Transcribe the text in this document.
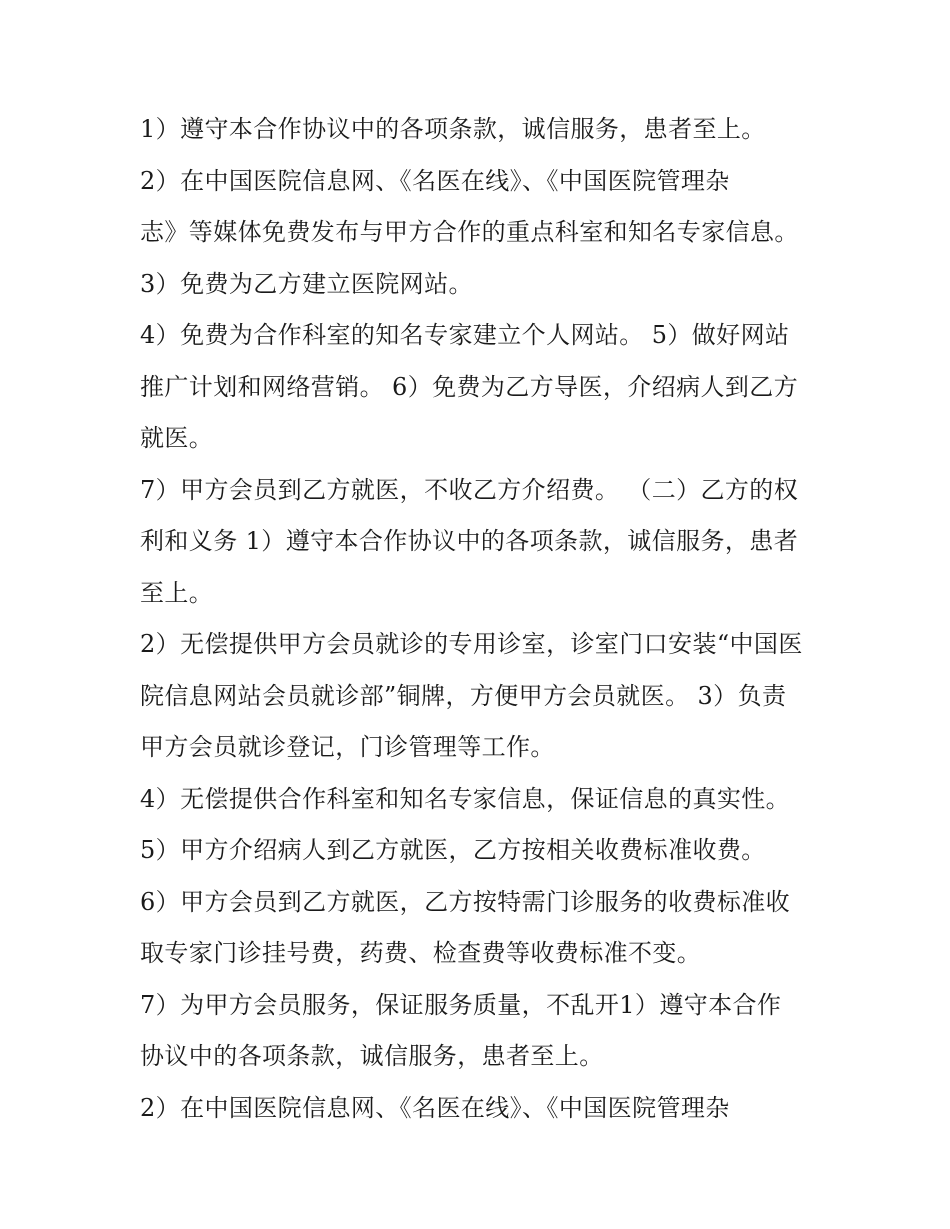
1）遵守本合作协议中的各项条款，诚信服务，患者至上。
2）在中国医院信息网、《名医在线》、《中国医院管理杂
志》等媒体免费发布与甲方合作的重点科室和知名专家信息。
3）免费为乙方建立医院网站。
4）免费为合作科室的知名专家建立个人网站。 5）做好网站
推广计划和网络营销。 6）免费为乙方导医，介绍病人到乙方
就医。
7）甲方会员到乙方就医，不收乙方介绍费。 （二）乙方的权
利和义务 1）遵守本合作协议中的各项条款，诚信服务，患者
至上。
2）无偿提供甲方会员就诊的专用诊室，诊室门口安装“中国医
院信息网站会员就诊部”铜牌，方便甲方会员就医。 3）负责
甲方会员就诊登记，门诊管理等工作。
4）无偿提供合作科室和知名专家信息，保证信息的真实性。
5）甲方介绍病人到乙方就医，乙方按相关收费标准收费。
6）甲方会员到乙方就医，乙方按特需门诊服务的收费标准收
取专家门诊挂号费，药费、检查费等收费标准不变。
7）为甲方会员服务，保证服务质量，不乱开1）遵守本合作
协议中的各项条款，诚信服务，患者至上。
2）在中国医院信息网、《名医在线》、《中国医院管理杂
